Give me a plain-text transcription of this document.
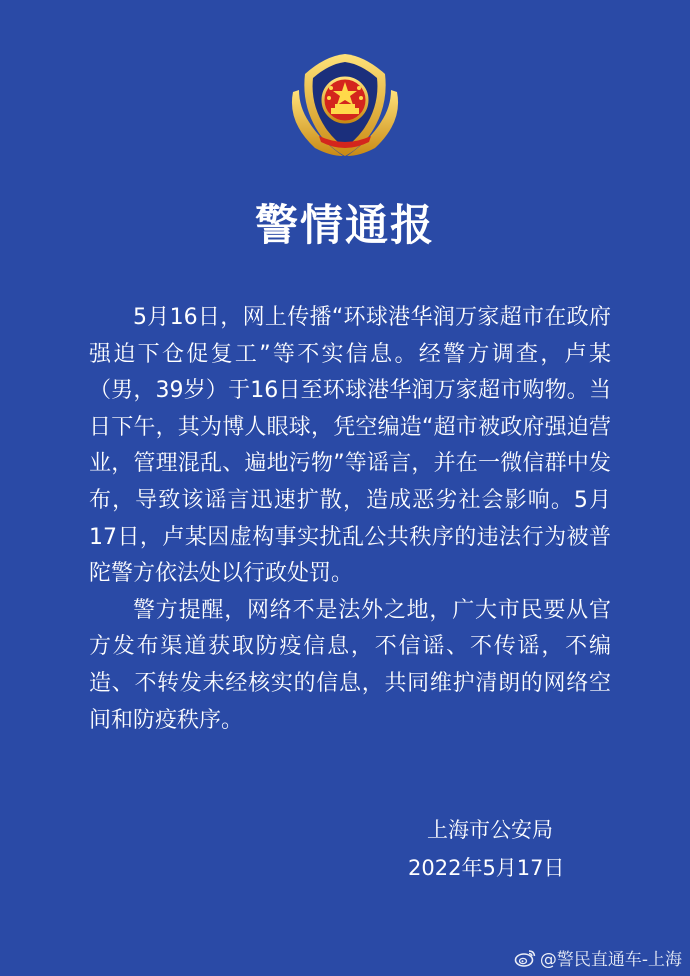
警情通报

5月16日，网上传播“环球港华润万家超市在政府强迫下仓促复工”等不实信息。经警方调查，卢某（男，39岁）于16日至环球港华润万家超市购物。当日下午，其为博人眼球，凭空编造“超市被政府强迫营业，管理混乱、遍地污物”等谣言，并在一微信群中发布，导致该谣言迅速扩散，造成恶劣社会影响。5月17日，卢某因虚构事实扰乱公共秩序的违法行为被普陀警方依法处以行政处罚。

警方提醒，网络不是法外之地，广大市民要从官方发布渠道获取防疫信息，不信谣、不传谣，不编造、不转发未经核实的信息，共同维护清朗的网络空间和防疫秩序。

上海市公安局
2022年5月17日
@警民直通车-上海
